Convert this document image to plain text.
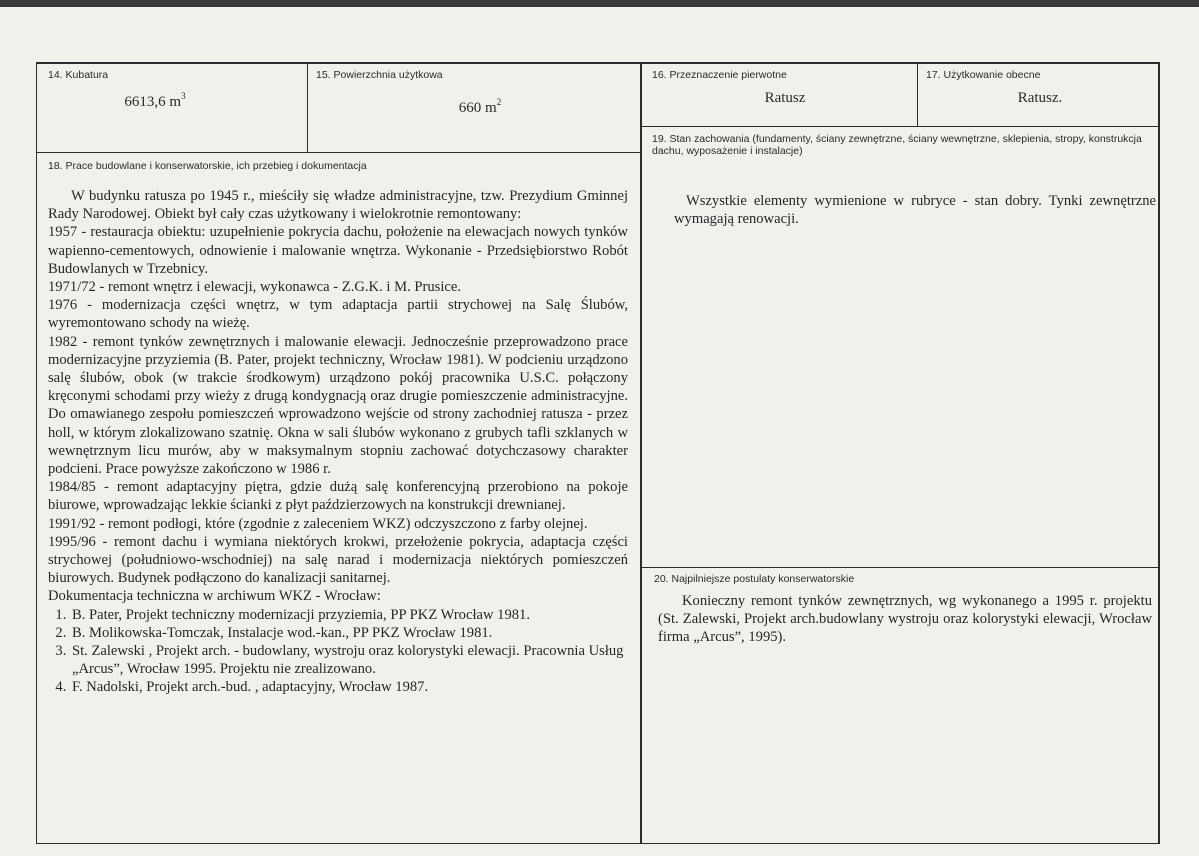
14. Kubatura
6613,6 $m^3$
15. Powierzchnia użytkowa
660 $m^2$
16. Przeznaczenie pierwotne
Ratusz
17. Użytkowanie obecne
Ratusz.
18. Prace budowlane i konserwatorskie, ich przebieg i dokumentacja

W budynku ratusza po 1945 r., mieściły się władze administracyjne, tzw. Prezydium Gminnej Rady Narodowej. Obiekt był cały czas użytkowany i wielokrotnie remontowany:

1957 - restauracja obiektu: uzupełnienie pokrycia dachu, położenie na elewacjach nowych tynków wapienno-cementowych, odnowienie i malowanie wnętrza. Wykonanie - Przedsiębiorstwo Robót Budowlanych w Trzebnicy.

1971/72 - remont wnętrz i elewacji, wykonawca - Z.G.K. i M. Prusice.

1976 - modernizacja części wnętrz, w tym adaptacja partii strychowej na Salę Ślubów, wyremontowano schody na wieżę.

1982 - remont tynków zewnętrznych i malowanie elewacji. Jednocześnie przeprowadzono prace modernizacyjne przyziemia (B. Pater, projekt techniczny, Wrocław 1981). W podcieniu urządzono salę ślubów, obok (w trakcie środkowym) urządzono pokój pracownika U.S.C. połączony kręconymi schodami przy wieży z drugą kondygnacją oraz drugie pomieszczenie administracyjne. Do omawianego zespołu pomieszczeń wprowadzono wejście od strony zachodniej ratusza - przez holl, w którym zlokalizowano szatnię. Okna w sali ślubów wykonano z grubych tafli szklanych w wewnętrznym licu murów, aby w maksymalnym stopniu zachować dotychczasowy charakter podcieni. Prace powyższe zakończono w 1986 r.

1984/85 - remont adaptacyjny piętra, gdzie dużą salę konferencyjną przerobiono na pokoje biurowe, wprowadzając lekkie ścianki z płyt paździerzowych na konstrukcji drewnianej.

1991/92 - remont podłogi, które (zgodnie z zaleceniem WKZ) odczyszczono z farby olejnej.

1995/96 - remont dachu i wymiana niektórych krokwi, przełożenie pokrycia, adaptacja części strychowej (południowo-wschodniej) na salę narad i modernizacja niektórych pomieszczeń biurowych. Budynek podłączono do kanalizacji sanitarnej.

Dokumentacja techniczna w archiwum WKZ - Wrocław:

1. B. Pater, Projekt techniczny modernizacji przyziemia, PP PKZ Wrocław 1981.
2. B. Molikowska-Tomczak, Instalacje wod.-kan., PP PKZ Wrocław 1981.
3. St. Zalewski , Projekt arch. - budowlany, wystroju oraz kolorystyki elewacji. Pracownia Usług „Arcus”, Wrocław 1995. Projektu nie zrealizowano.
4. F. Nadolski, Projekt arch.-bud. , adaptacyjny, Wrocław 1987.
19. Stan zachowania (fundamenty, ściany zewnętrzne, ściany wewnętrzne, sklepienia, stropy, konstrukcja dachu, wyposażenie i instalacje)
Wszystkie elementy wymienione w rubryce - stan dobry. Tynki zewnętrzne wymagają renowacji.
20. Najpilniejsze postulaty konserwatorskie
Konieczny remont tynków zewnętrznych, wg wykonanego a 1995 r. projektu (St. Zalewski, Projekt arch.budowlany wystroju oraz kolorystyki elewacji, Wrocław firma „Arcus”, 1995).
